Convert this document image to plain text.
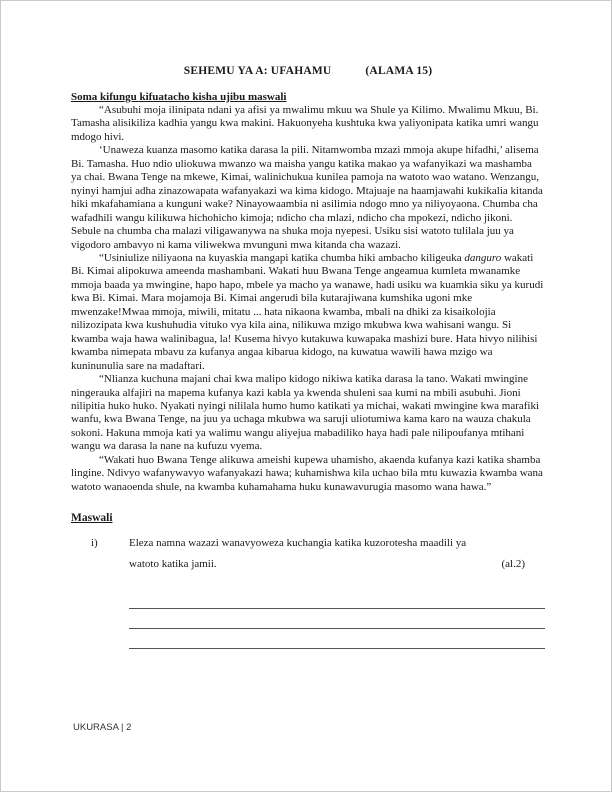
SEHEMU YA A: UFAHAMU	(ALAMA 15)

Soma kifungu kifuatacho kisha ujibu maswali

“Asubuhi moja ilinipata ndani ya afisi ya mwalimu mkuu wa Shule ya Kilimo. Mwalimu Mkuu, Bi. Tamasha alisikiliza kadhia yangu kwa makini. Hakuonyeha kushtuka kwa yaliyonipata katika umri wangu mdogo hivi.

‘Unaweza kuanza masomo katika darasa la pili. Nitamwomba mzazi mmoja akupe hifadhi,’ alisema Bi. Tamasha. Huo ndio uliokuwa mwanzo wa maisha yangu katika makao ya wafanyikazi wa mashamba ya chai. Bwana Tenge na mkewe, Kimai, walinichukua kunilea pamoja na watoto wao watano. Wenzangu, nyinyi hamjui adha zinazowapata wafanyakazi wa kima kidogo. Mtajuaje na haamjawahi kukikalia kitanda hiki mkafahamiana a kunguni wake? Ninayowaambia ni asilimia ndogo mno ya niliyoyaona. Chumba cha wafadhili wangu kilikuwa hichohicho kimoja; ndicho cha mlazi, ndicho cha mpokezi, ndicho jikoni. Sebule na chumba cha malazi viligawanywa na shuka moja nyepesi. Usiku sisi watoto tulilala juu ya vigodoro ambavyo ni kama viliwekwa mvunguni mwa kitanda cha wazazi.

“Usiniulize niliyaona na kuyaskia mangapi katika chumba hiki ambacho kiligeuka danguro wakati Bi. Kimai alipokuwa ameenda mashambani. Wakati huu Bwana Tenge angeamua kumleta mwanamke mmoja baada ya mwingine, hapo hapo, mbele ya macho ya wanawe, hadi usiku wa kuamkia siku ya kurudi kwa Bi. Kimai. Mara mojamoja Bi. Kimai angerudi bila kutarajiwana kumshika ugoni mke mwenzake!Mwaa mmoja, miwili, mitatu ... hata nikaona kwamba, mbali na dhiki za kisaikolojia nilizozipata kwa kushuhudia vituko vya kila aina, nilikuwa mzigo mkubwa kwa wahisani wangu. Si kwamba waja hawa walinibagua, la! Kusema hivyo kutakuwa kuwapaka mashizi bure. Hata hivyo nilihisi kwamba nimepata mbavu za kufanya angaa kibarua kidogo, na kuwatua wawili hawa mzigo wa kuninunulia sare na madaftari.

“Nlianza kuchuna majani chai kwa malipo kidogo nikiwa katika darasa la tano. Wakati mwingine ningerauka alfajiri na mapema kufanya kazi kabla ya kwenda shuleni saa kumi na mbili asubuhi. Jioni nilipitia huko huko. Nyakati nyingi nililala humo humo katikati ya michai, wakati mwingine kwa marafiki wanfu, kwa Bwana Tenge, na juu ya uchaga mkubwa wa saruji uliotumiwa kama karo na wauza chakula sokoni. Hakuna mmoja kati ya walimu wangu aliyejua mabadiliko haya hadi pale nilipoufanya mtihani wangu wa darasa la nane na kufuzu vyema.

“Wakati huo Bwana Tenge alikuwa ameishi kupewa uhamisho, akaenda kufanya kazi katika shamba lingine. Ndivyo wafanywavyo wafanyakazi hawa; kuhamishwa kila uchao bila mtu kuwazia kwamba wana watoto wanaoenda shule, na kwamba kuhamahama huku kunawavurugia masomo wana hawa.”

Maswali
i)	Eleza namna wazazi wanavyoweza kuchangia katika kuzorotesha maadili ya watoto katika jamii.	(al.2)
UKURASA | 2
